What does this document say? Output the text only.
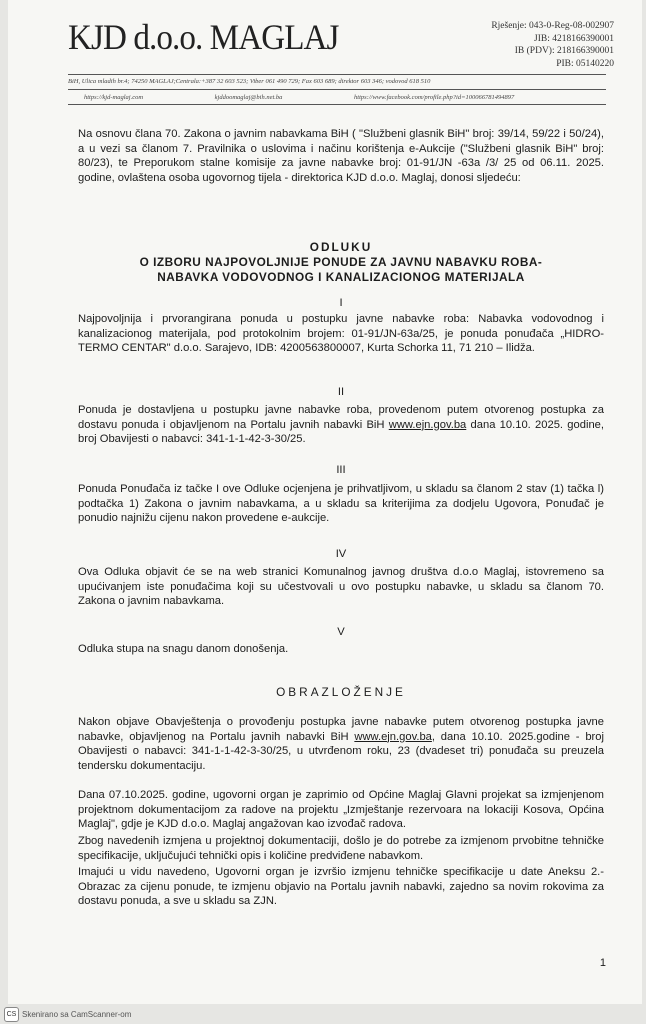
KJD d.o.o. MAGLAJ	Rješenje: 043-0-Reg-08-002907
JIB: 4218166390001
IB (PDV): 218166390001
PIB: 05140220
BiH, Ulica mladih br.4; 74250 MAGLAJ;Centrala:+387 32 603 523; Viber 061 490 729; Fax 603 689; direktor 603 346; vodovod 618 510
https://kjd-maglaj.com	kjddoomaglaj@bih.net.ba	https://www.facebook.com/profile.php?id=100066781494897
Na osnovu člana 70. Zakona o javnim nabavkama BiH ( "Službeni glasnik BiH" broj: 39/14, 59/22 i 50/24), a u vezi sa članom 7. Pravilnika o uslovima i načinu korištenja e-Aukcije ("Službeni glasnik BiH" broj: 80/23), te Preporukom stalne komisije za javne nabavke broj: 01-91/JN -63a /3/ 25 od 06.11. 2025. godine, ovlaštena osoba ugovornog tijela - direktorica KJD d.o.o. Maglaj, donosi sljedeću:
ODLUKU
O IZBORU NAJPOVOLJNIJE PONUDE ZA JAVNU NABAVKU ROBA-
NABAVKA VODOVODNOG I KANALIZACIONOG MATERIJALA
I
Najpovoljnija i prvorangirana ponuda u postupku javne nabavke roba: Nabavka vodovodnog i kanalizacionog materijala, pod protokolnim brojem: 01-91/JN-63a/25, je ponuda ponuđača „HIDRO-TERMO CENTAR" d.o.o. Sarajevo, IDB: 4200563800007, Kurta Schorka 11, 71 210 – Ilidža.
II
Ponuda je dostavljena u postupku javne nabavke roba, provedenom putem otvorenog postupka za dostavu ponuda i objavljenom na Portalu javnih nabavki BiH www.ejn.gov.ba dana 10.10. 2025. godine, broj Obavijesti o nabavci: 341-1-1-42-3-30/25.
III
Ponuda Ponuđača iz tačke I ove Odluke ocjenjena je prihvatljivom, u skladu sa članom 2 stav (1) tačka l) podtačka 1) Zakona o javnim nabavkama, a u skladu sa kriterijima za dodjelu Ugovora, Ponuđač je ponudio najnižu cijenu nakon provedene e-aukcije.
IV
Ova Odluka objavit će se na web stranici Komunalnog javnog društva d.o.o Maglaj, istovremeno sa upućivanjem iste ponuđačima koji su učestvovali u ovo postupku nabavke, u skladu sa članom 70. Zakona o javnim nabavkama.
V
Odluka stupa na snagu danom donošenja.
OBRAZLOŽENJE
Nakon objave Obavještenja o provođenju postupka javne nabavke putem otvorenog postupka javne nabavke, objavljenog na Portalu javnih nabavki BiH www.ejn.gov.ba, dana 10.10. 2025.godine - broj Obavijesti o nabavci: 341-1-1-42-3-30/25, u utvrđenom roku, 23 (dvadeset tri) ponuđača su preuzela tendersku dokumentaciju.
Dana 07.10.2025. godine, ugovorni organ je zaprimio od Općine Maglaj Glavni projekat sa izmjenjenom projektnom dokumentacijom za radove na projektu „Izmještanje rezervoara na lokaciji Kosova, Općina Maglaj", gdje je KJD d.o.o. Maglaj angažovan kao izvođač radova.
Zbog navedenih izmjena u projektnoj dokumentaciji, došlo je do potrebe za izmjenom prvobitne tehničke specifikacije, uključujući tehnički opis i količine predviđene nabavkom.
Imajući u vidu navedeno, Ugovorni organ je izvršio izmjenu tehničke specifikacije u date Aneksu 2.-Obrazac za cijenu ponude, te izmjenu objavio na Portalu javnih nabavki, zajedno sa novim rokovima za dostavu ponuda, a sve u skladu sa ZJN.
1
CS Skenirano sa CamScanner-om
